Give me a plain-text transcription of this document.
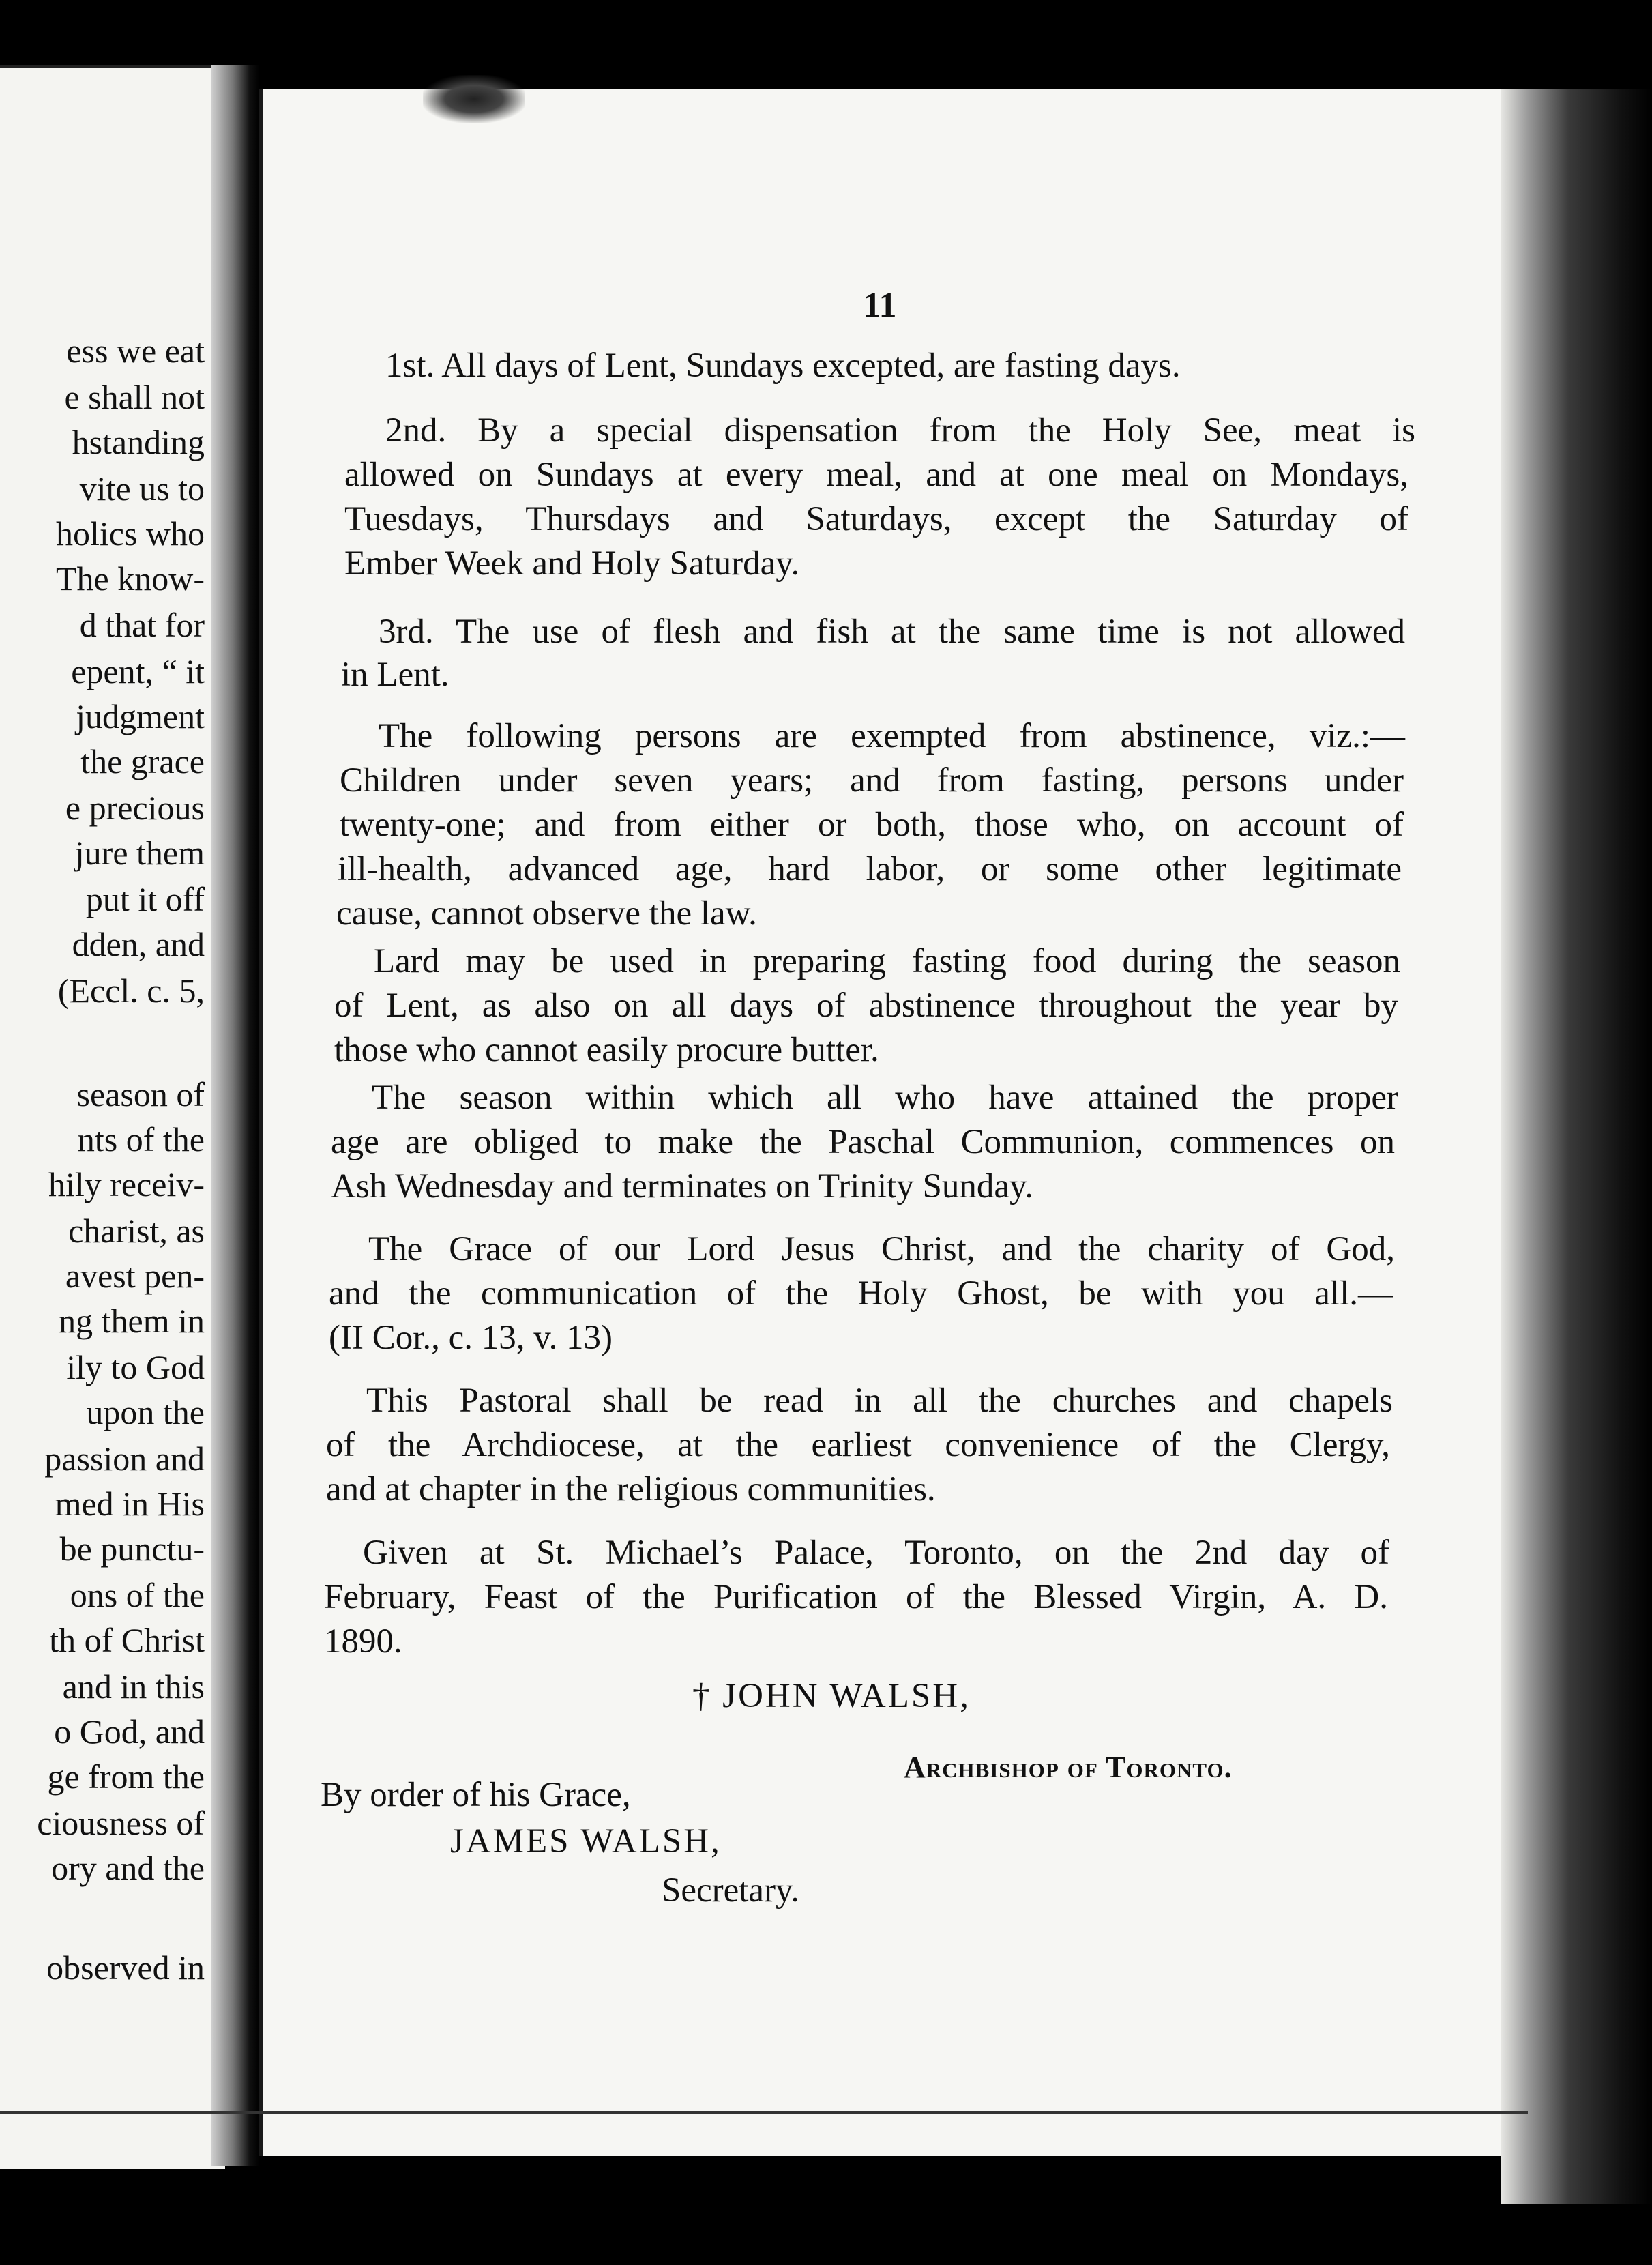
ess we eat
e shall not
hstanding
vite us to
holics who
The know-
d that for
epent, “ it
judgment
the grace
e precious
jure them
put it off
dden, and
(Eccl. c. 5,
season of
nts of the
hily receiv-
charist, as
avest pen-
ng them in
ily to God
upon the
passion and
med in His
be punctu-
ons of the
th of Christ
and in this
o God, and
ge from the
ciousness of
ory and the
observed in
11
1st. All days of Lent, Sundays excepted, are fasting days.
2nd. By a special dispensation from the Holy See, meat is
allowed on Sundays at every meal, and at one meal on Mondays,
Tuesdays, Thursdays and Saturdays, except the Saturday of
Ember Week and Holy Saturday.
3rd. The use of flesh and fish at the same time is not allowed
in Lent.
The following persons are exempted from abstinence, viz.:—
Children under seven years; and from fasting, persons under
twenty-one; and from either or both, those who, on account of
ill-health, advanced age, hard labor, or some other legitimate
cause, cannot observe the law.
Lard may be used in preparing fasting food during the season
of Lent, as also on all days of abstinence throughout the year by
those who cannot easily procure butter.
The season within which all who have attained the proper
age are obliged to make the Paschal Communion, commences on
Ash Wednesday and terminates on Trinity Sunday.
The Grace of our Lord Jesus Christ, and the charity of God,
and the communication of the Holy Ghost, be with you all.—
(II Cor., c. 13, v. 13)
This Pastoral shall be read in all the churches and chapels
of the Archdiocese, at the earliest convenience of the Clergy,
and at chapter in the religious communities.
Given at St. Michael’s Palace, Toronto, on the 2nd day of
February, Feast of the Purification of the Blessed Virgin, A. D.
1890.
† JOHN WALSH,
Archbishop of Toronto.
By order of his Grace,
JAMES WALSH,
Secretary.
